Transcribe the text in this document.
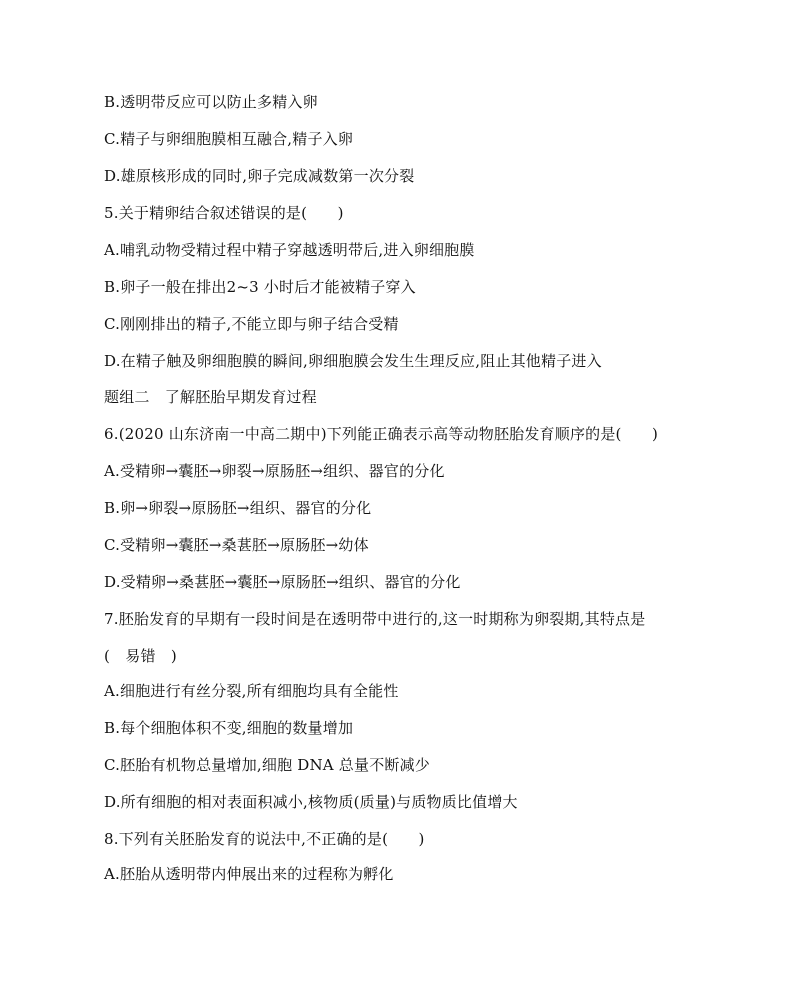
B.透明带反应可以防止多精入卵
C.精子与卵细胞膜相互融合,精子入卵
D.雄原核形成的同时,卵子完成减数第一次分裂
5.关于精卵结合叙述错误的是(　　)
A.哺乳动物受精过程中精子穿越透明带后,进入卵细胞膜
B.卵子一般在排出2~3 小时后才能被精子穿入
C.刚刚排出的精子,不能立即与卵子结合受精
D.在精子触及卵细胞膜的瞬间,卵细胞膜会发生生理反应,阻止其他精子进入
题组二　了解胚胎早期发育过程
6.(2020 山东济南一中高二期中)下列能正确表示高等动物胚胎发育顺序的是(　　)
A.受精卵→囊胚→卵裂→原肠胚→组织、器官的分化
B.卵→卵裂→原肠胚→组织、器官的分化
C.受精卵→囊胚→桑葚胚→原肠胚→幼体
D.受精卵→桑葚胚→囊胚→原肠胚→组织、器官的分化
7.胚胎发育的早期有一段时间是在透明带中进行的,这一时期称为卵裂期,其特点是
(　易错　)
A.细胞进行有丝分裂,所有细胞均具有全能性
B.每个细胞体积不变,细胞的数量增加
C.胚胎有机物总量增加,细胞 DNA 总量不断减少
D.所有细胞的相对表面积减小,核物质(质量)与质物质比值增大
8.下列有关胚胎发育的说法中,不正确的是(　　)
A.胚胎从透明带内伸展出来的过程称为孵化
